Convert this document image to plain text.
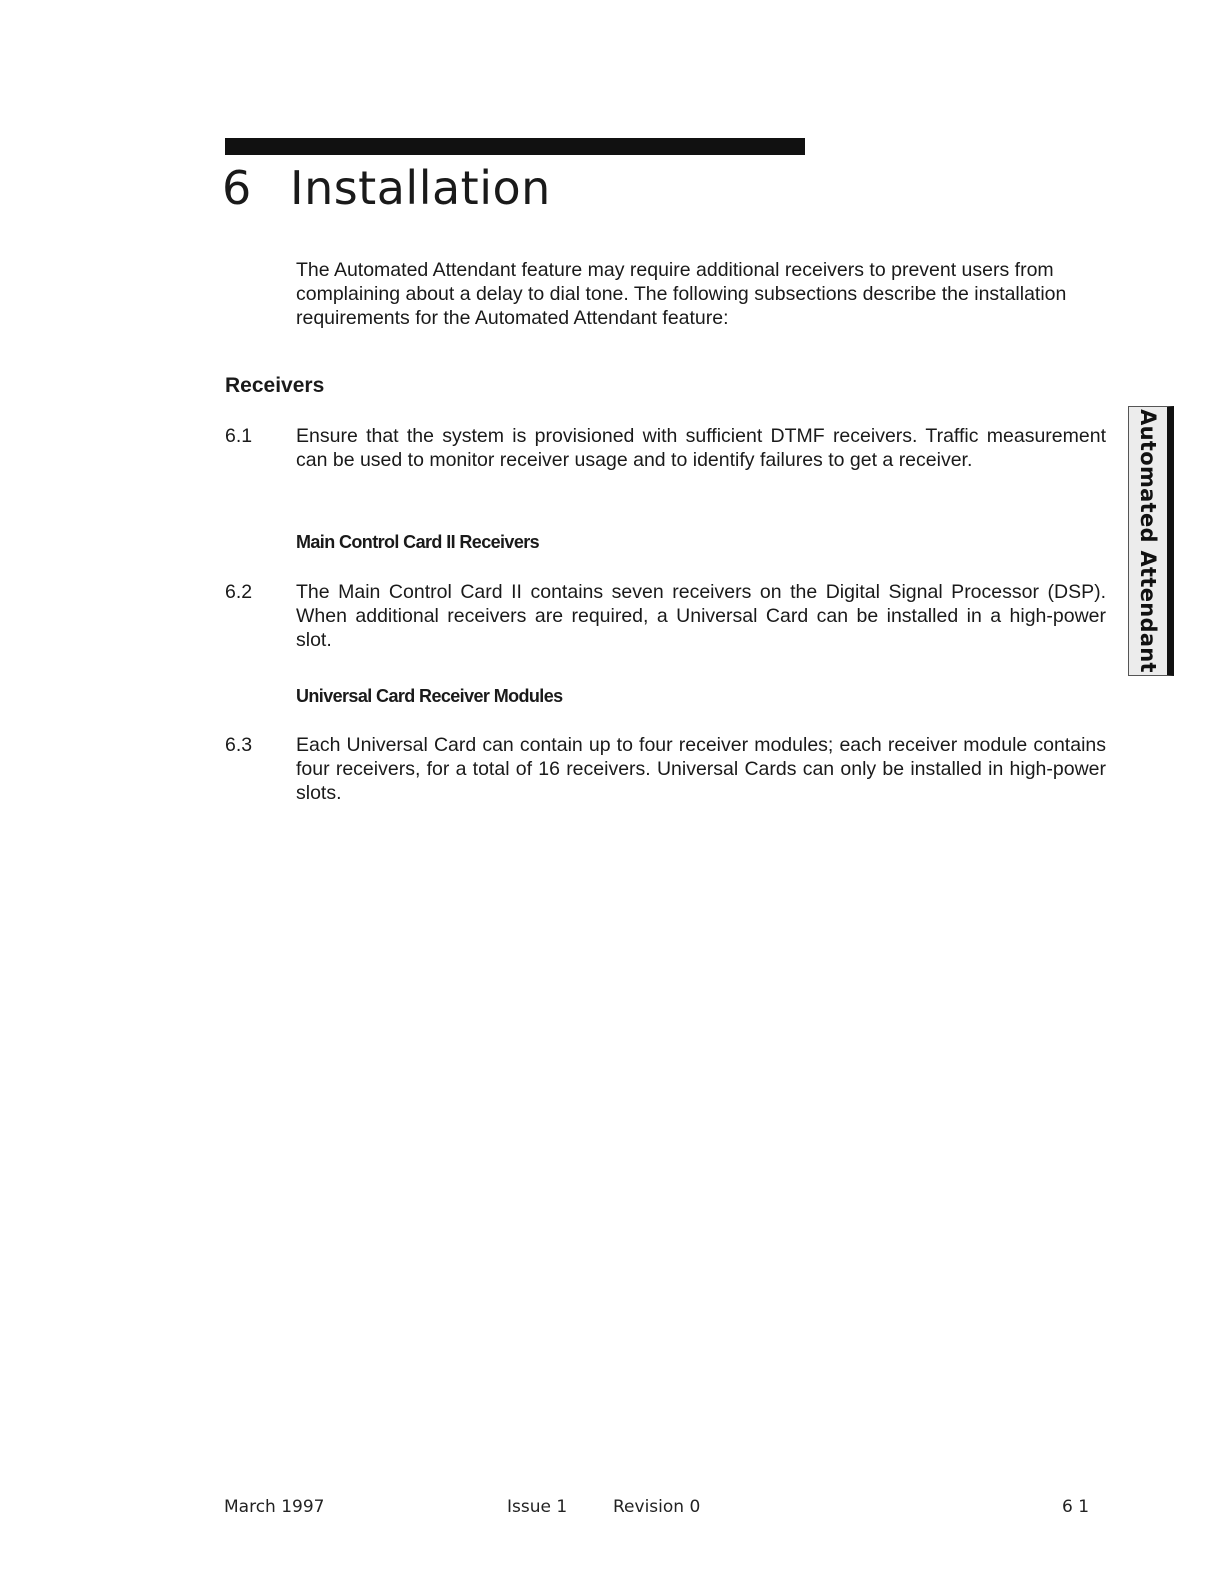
6 Installation

The Automated Attendant feature may require additional receivers to prevent users from complaining about a delay to dial tone. The following subsections describe the installation requirements for the Automated Attendant feature:

Receivers
6.1 Ensure that the system is provisioned with sufficient DTMF receivers. Traffic measurement can be used to monitor receiver usage and to identify failures to get a receiver.

Main Control Card II Receivers
6.2 The Main Control Card II contains seven receivers on the Digital Signal Processor (DSP). When additional receivers are required, a Universal Card can be installed in a high-power slot.

Universal Card Receiver Modules
6.3 Each Universal Card can contain up to four receiver modules; each receiver module contains four receivers, for a total of 16 receivers. Universal Cards can only be installed in high-power slots.

Automated Attendant
March 1997	Issue 1	Revision 0	6 1
